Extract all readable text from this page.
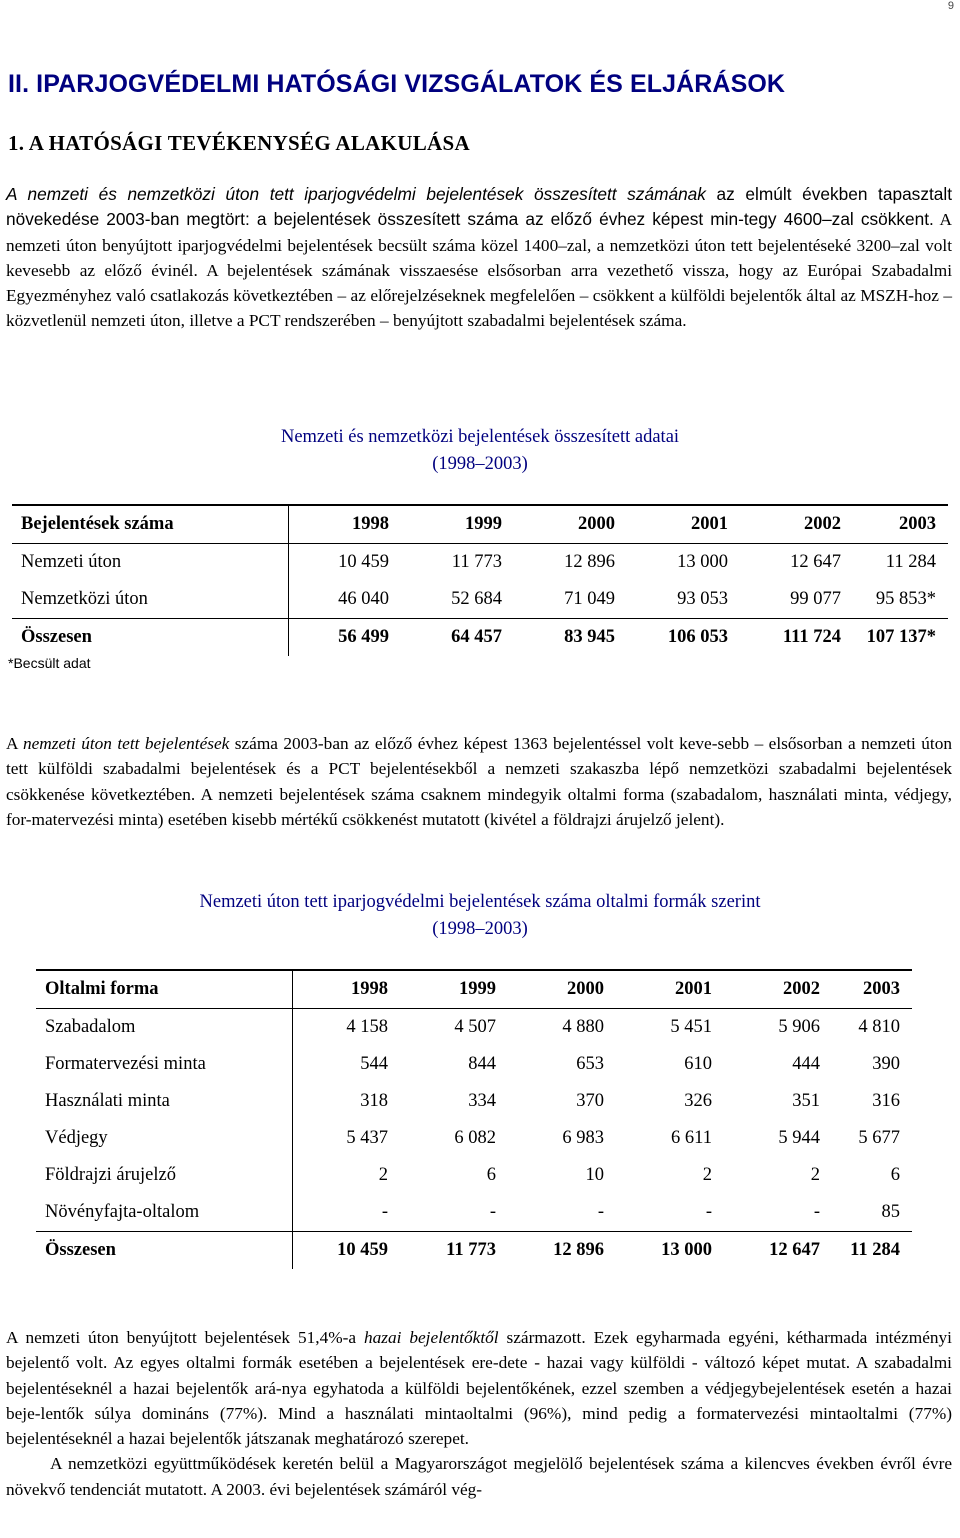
9
II. IPARJOGVÉDELMI HATÓSÁGI VIZSGÁLATOK ÉS ELJÁRÁSOK
1. A HATÓSÁGI TEVÉKENYSÉG ALAKULÁSA
A nemzeti és nemzetközi úton tett iparjogvédelmi bejelentések összesített számának az elmúlt években tapasztalt növekedése 2003-ban megtört: a bejelentések összesített száma az előző évhez képest min-tegy 4600–zal csökkent. A nemzeti úton benyújtott iparjogvédelmi bejelentések becsült száma közel 1400–zal, a nemzetközi úton tett bejelentéseké 3200–zal volt kevesebb az előző évinél. A bejelentések számának visszaesése elsősorban arra vezethető vissza, hogy az Európai Szabadalmi Egyezményhez való csatlakozás következtében – az előrejelzéseknek megfelelően – csökkent a külföldi bejelentők által az MSZH-hoz – közvetlenül nemzeti úton, illetve a PCT rendszerében – benyújtott szabadalmi bejelentések száma.
Nemzeti és nemzetközi bejelentések összesített adatai
(1998–2003)
Bejelentések száma	1998	1999	2000	2001	2002	2003
Nemzeti úton	10 459	11 773	12 896	13 000	12 647	11 284
Nemzetközi úton	46 040	52 684	71 049	93 053	99 077	95 853*
Összesen	56 499	64 457	83 945	106 053	111 724	107 137*
*Becsült adat
A nemzeti úton tett bejelentések száma 2003-ban az előző évhez képest 1363 bejelentéssel volt keve-sebb – elsősorban a nemzeti úton tett külföldi szabadalmi bejelentések és a PCT bejelentésekből a nemzeti szakaszba lépő nemzetközi szabadalmi bejelentések csökkenése következtében. A nemzeti bejelentések száma csaknem mindegyik oltalmi forma (szabadalom, használati minta, védjegy, for-matervezési minta) esetében kisebb mértékű csökkenést mutatott (kivétel a földrajzi árujelző jelent).
Nemzeti úton tett iparjogvédelmi bejelentések száma oltalmi formák szerint
(1998–2003)
Oltalmi forma	1998	1999	2000	2001	2002	2003
Szabadalom	4 158	4 507	4 880	5 451	5 906	4 810
Formatervezési minta	544	844	653	610	444	390
Használati minta	318	334	370	326	351	316
Védjegy	5 437	6 082	6 983	6 611	5 944	5 677
Földrajzi árujelző	2	6	10	2	2	6
Növényfajta-oltalom	-	-	-	-	-	85
Összesen	10 459	11 773	12 896	13 000	12 647	11 284
A nemzeti úton benyújtott bejelentések 51,4%-a hazai bejelentőktől származott. Ezek egyharmada egyéni, kétharmada intézményi bejelentő volt. Az egyes oltalmi formák esetében a bejelentések ere-dete - hazai vagy külföldi - változó képet mutat. A szabadalmi bejelentéseknél a hazai bejelentők ará-nya egyhatoda a külföldi bejelentőkének, ezzel szemben a védjegybejelentések esetén a hazai beje-lentők súlya domináns (77%). Mind a használati mintaoltalmi (96%), mind pedig a formatervezési mintaoltalmi (77%) bejelentéseknél a hazai bejelentők játszanak meghatározó szerepet.
A nemzetközi együttműködések keretén belül a Magyarországot megjelölő bejelentések száma a kilencves években évről évre növekvő tendenciát mutatott. A 2003. évi bejelentések számáról vég-
